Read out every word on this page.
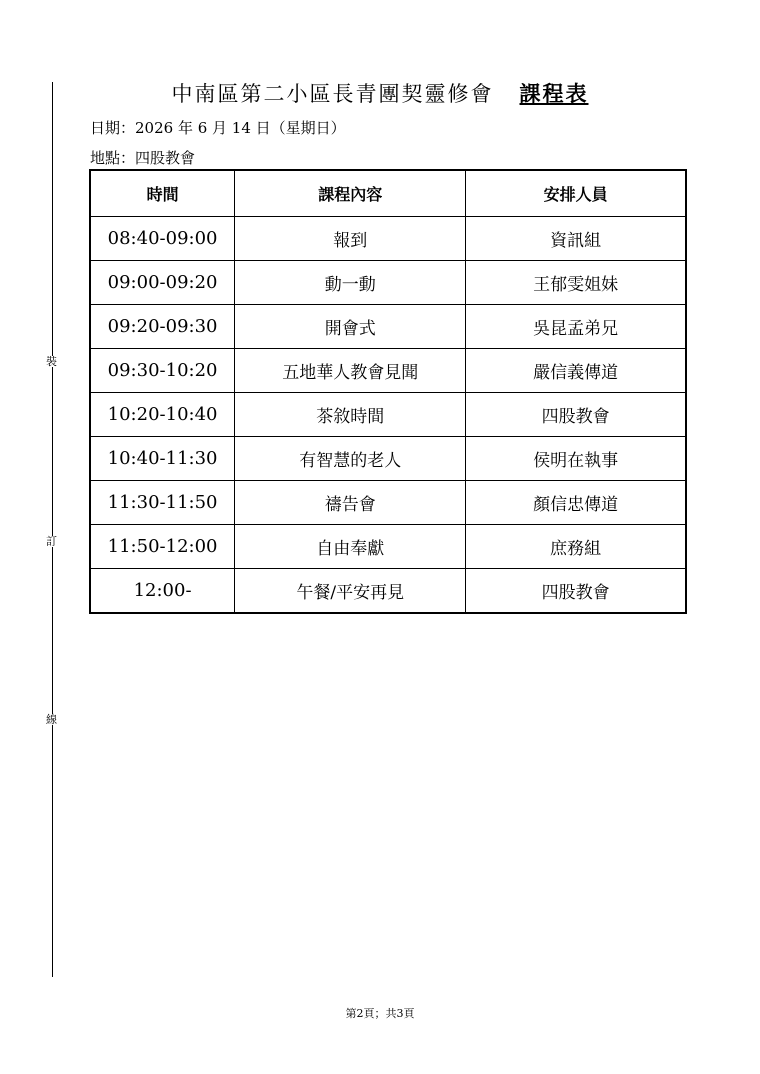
裝
訂
線
中南區第二小區長青團契靈修會 課程表
日期：2026 年 6 月 14 日（星期日）
地點：四股教會
時間	課程內容	安排人員
08:40-09:00	報到	資訊組
09:00-09:20	動一動	王郁雯姐妹
09:20-09:30	開會式	吳昆孟弟兄
09:30-10:20	五地華人教會見聞	嚴信義傳道
10:20-10:40	茶敘時間	四股教會
10:40-11:30	有智慧的老人	侯明在執事
11:30-11:50	禱告會	顏信忠傳道
11:50-12:00	自由奉獻	庶務組
12:00-	午餐/平安再見	四股教會
第2頁；共3頁
